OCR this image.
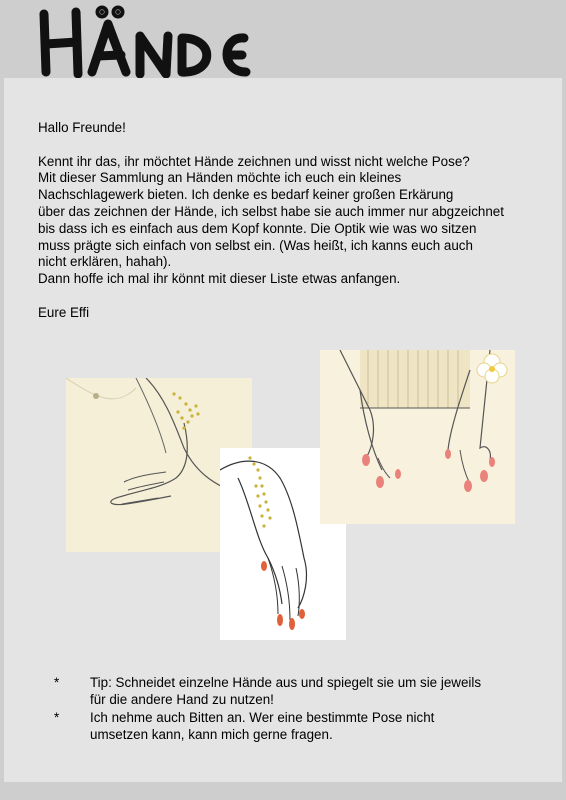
Hände

Hallo Freunde!

Kennt ihr das, ihr möchtet Hände zeichnen und wisst nicht welche Pose?
Mit dieser Sammlung an Händen möchte ich euch ein kleines
Nachschlagewerk bieten. Ich denke es bedarf keiner großen Erkärung
über das zeichnen der Hände, ich selbst habe sie auch immer nur abgzeichnet
bis dass ich es einfach aus dem Kopf konnte. Die Optik wie was wo sitzen
muss prägte sich einfach von selbst ein. (Was heißt, ich kanns euch auch
nicht erklären, hahah).
Dann hoffe ich mal ihr könnt mit dieser Liste etwas anfangen.

Eure Effi

*	Tip: Schneidet einzelne Hände aus und spiegelt sie um sie jeweils
für die andere Hand zu nutzen!
*	Ich nehme auch Bitten an. Wer eine bestimmte Pose nicht
umsetzen kann, kann mich gerne fragen.
